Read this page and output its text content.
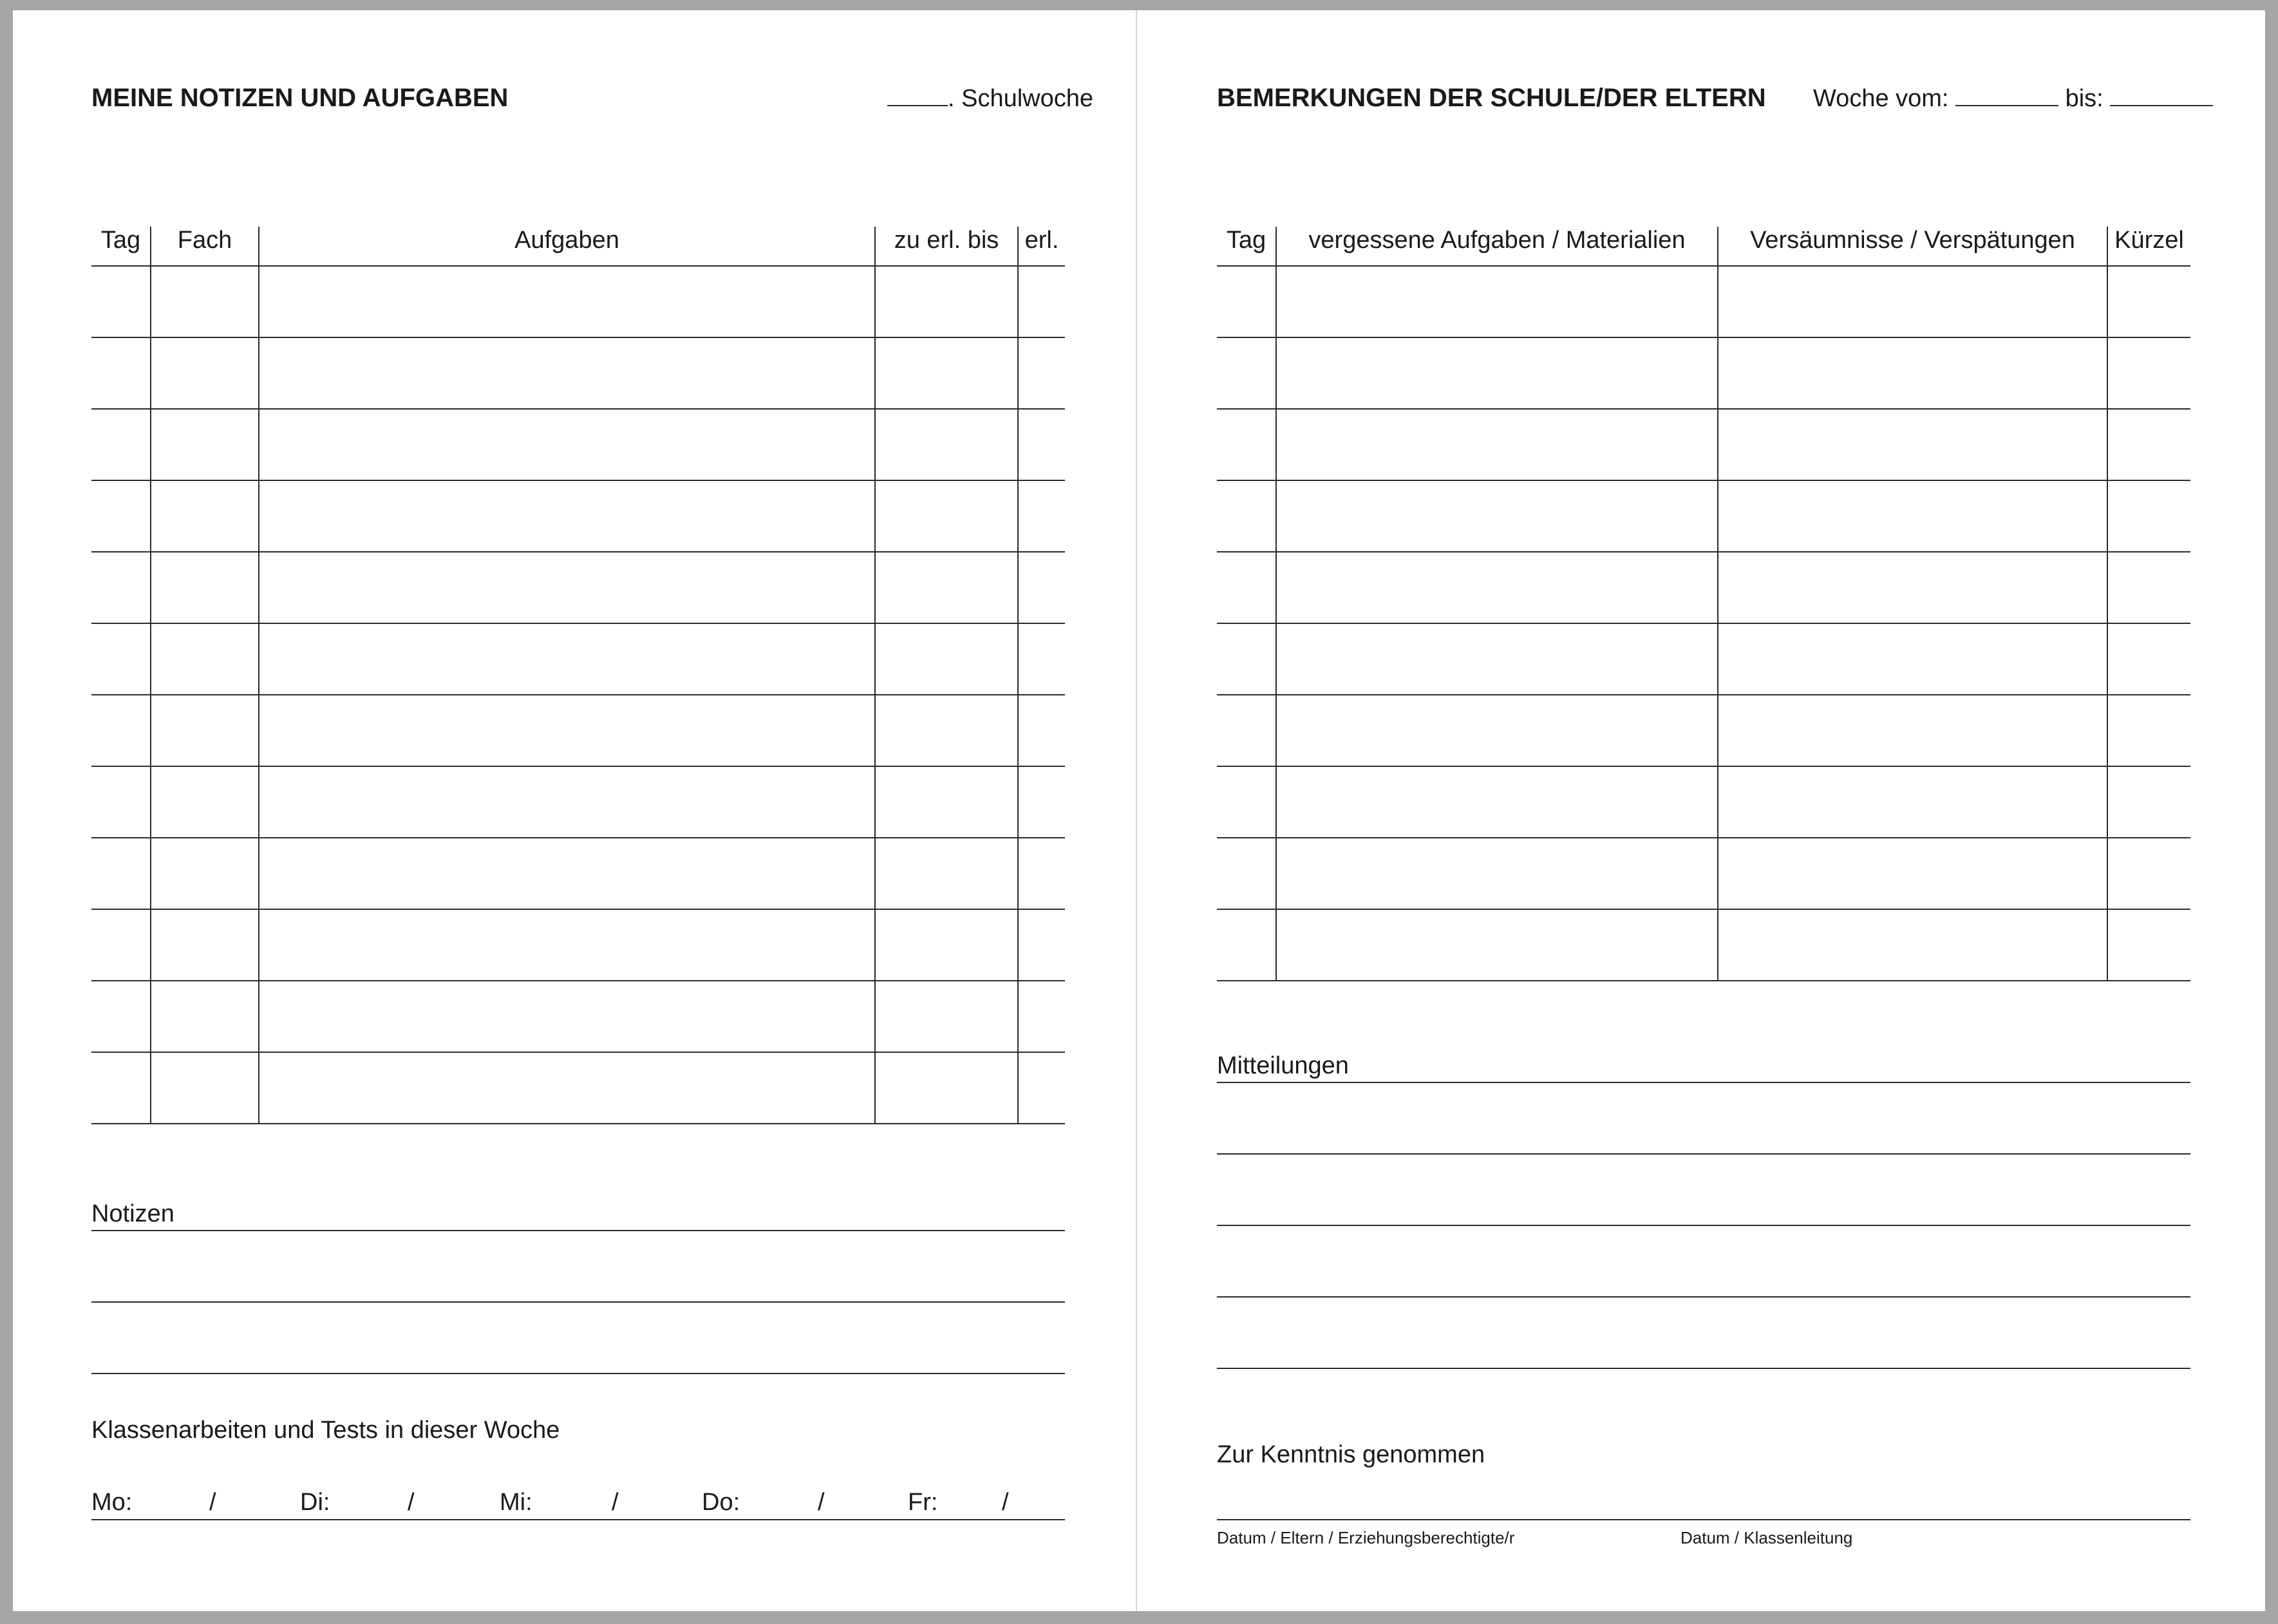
MEINE NOTIZEN UND AUFGABEN	. Schulwoche
Tag	Fach	Aufgaben	zu erl. bis	erl.

Notizen
Klassenarbeiten und Tests in dieser Woche
Mo:	/	Di:	/	Mi:	/	Do:	/	Fr:	/
BEMERKUNGEN DER SCHULE/DER ELTERN Woche vom:	bis:
Tag	vergessene Aufgaben / Materialien	Versäumnisse / Verspätungen	Kürzel

Mitteilungen
Zur Kenntnis genommen
Datum / Eltern / Erziehungsberechtigte/r	Datum / Klassenleitung
